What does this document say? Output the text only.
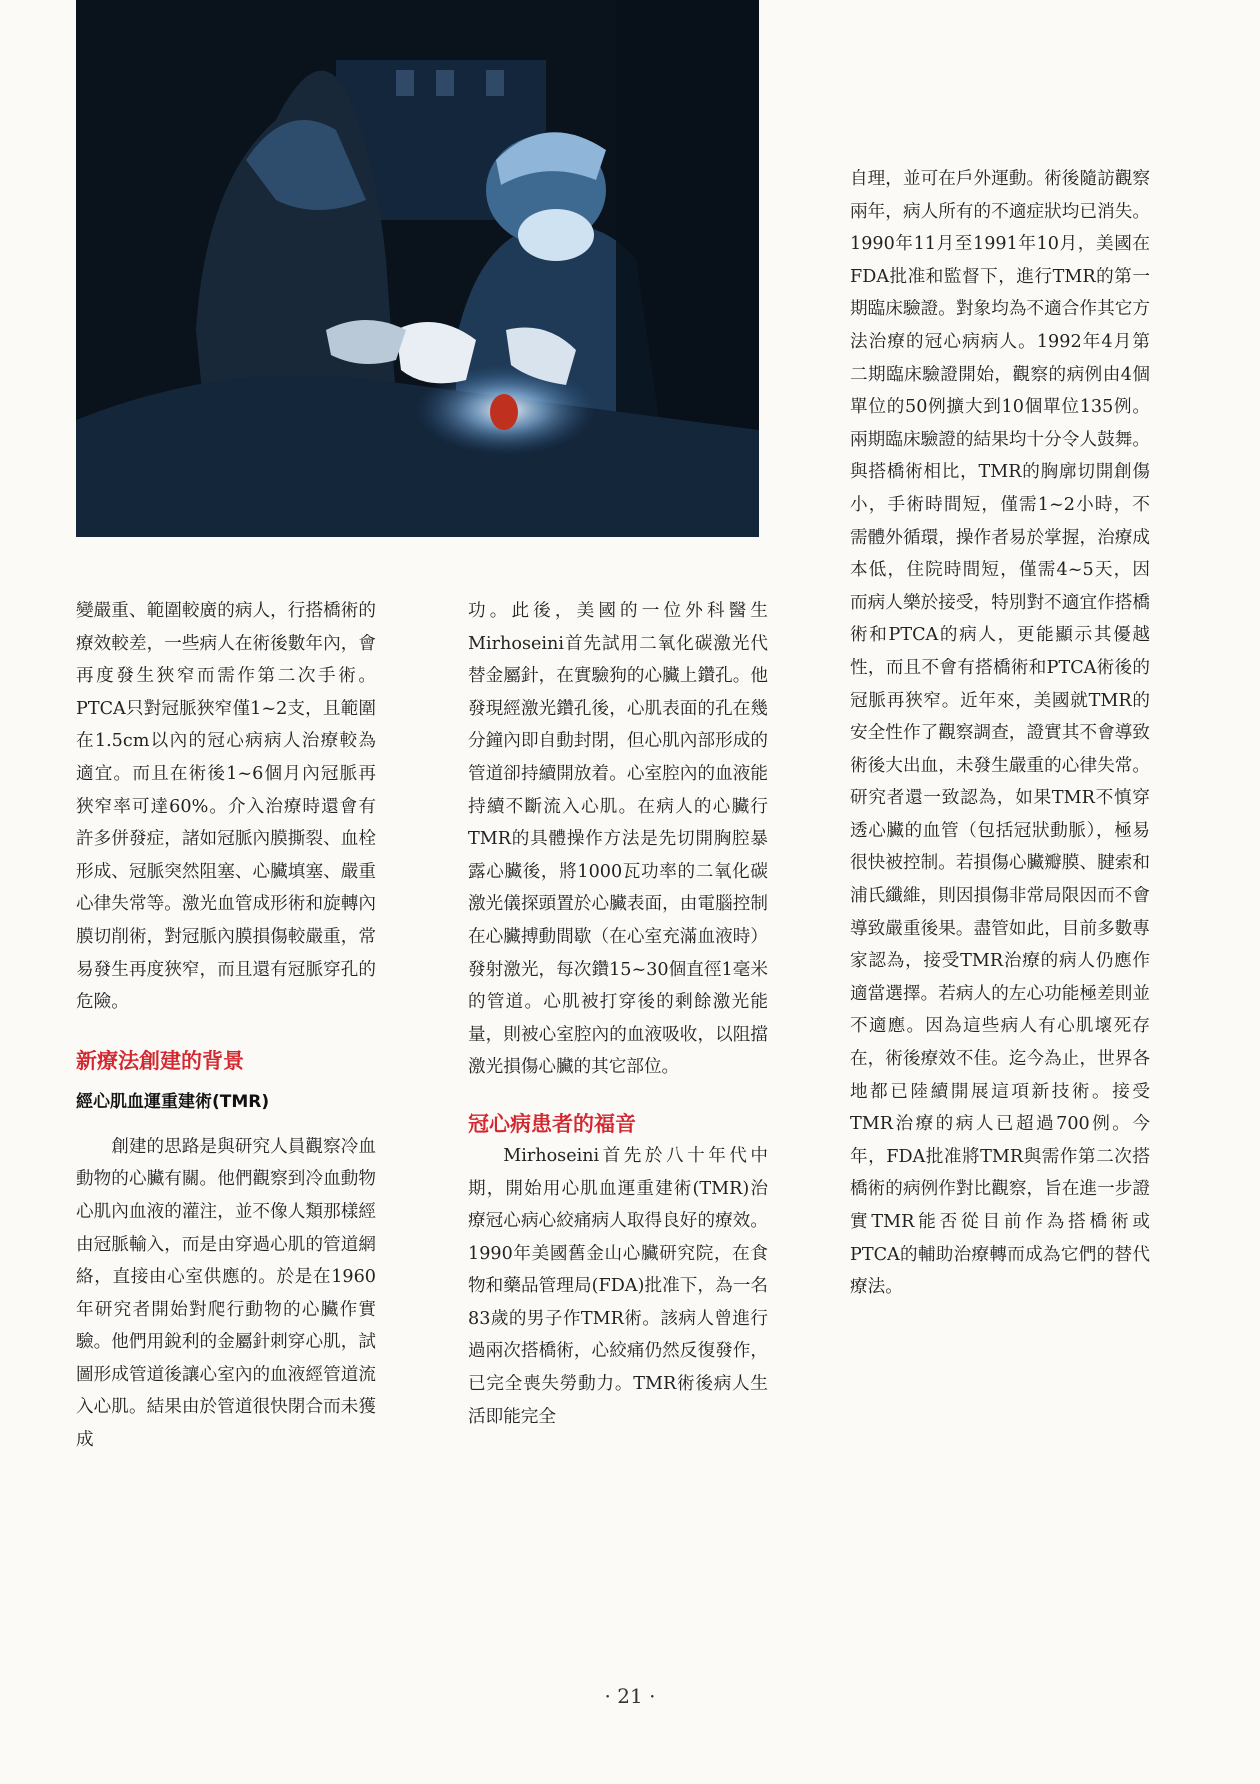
變嚴重、範圍較廣的病人，行搭橋術的療效較差，一些病人在術後數年內，會再度發生狹窄而需作第二次手術。PTCA只對冠脈狹窄僅1~2支，且範圍在1.5cm以內的冠心病病人治療較為適宜。而且在術後1~6個月內冠脈再狹窄率可達60%。介入治療時還會有許多併發症，諸如冠脈內膜撕裂、血栓形成、冠脈突然阻塞、心臟填塞、嚴重心律失常等。激光血管成形術和旋轉內膜切削術，對冠脈內膜損傷較嚴重，常易發生再度狹窄，而且還有冠脈穿孔的危險。

新療法創建的背景
經心肌血運重建術(TMR)

創建的思路是與研究人員觀察冷血動物的心臟有關。他們觀察到冷血動物心肌內血液的灌注，並不像人類那樣經由冠脈輸入，而是由穿過心肌的管道網絡，直接由心室供應的。於是在1960年研究者開始對爬行動物的心臟作實驗。他們用銳利的金屬針刺穿心肌，試圖形成管道後讓心室內的血液經管道流入心肌。結果由於管道很快閉合而未獲成

功。此後，美國的一位外科醫生Mirhoseini首先試用二氧化碳激光代替金屬針，在實驗狗的心臟上鑽孔。他發現經激光鑽孔後，心肌表面的孔在幾分鐘內即自動封閉，但心肌內部形成的管道卻持續開放着。心室腔內的血液能持續不斷流入心肌。在病人的心臟行TMR的具體操作方法是先切開胸腔暴露心臟後，將1000瓦功率的二氧化碳激光儀探頭置於心臟表面，由電腦控制在心臟搏動間歇（在心室充滿血液時）發射激光，每次鑽15~30個直徑1毫米的管道。心肌被打穿後的剩餘激光能量，則被心室腔內的血液吸收，以阻擋激光損傷心臟的其它部位。

冠心病患者的福音

Mirhoseini首先於八十年代中期，開始用心肌血運重建術(TMR)治療冠心病心絞痛病人取得良好的療效。1990年美國舊金山心臟研究院，在食物和藥品管理局(FDA)批准下，為一名83歲的男子作TMR術。該病人曾進行過兩次搭橋術，心絞痛仍然反復發作，已完全喪失勞動力。TMR術後病人生活即能完全

自理，並可在戶外運動。術後隨訪觀察兩年，病人所有的不適症狀均已消失。1990年11月至1991年10月，美國在FDA批准和監督下，進行TMR的第一期臨床驗證。對象均為不適合作其它方法治療的冠心病病人。1992年4月第二期臨床驗證開始，觀察的病例由4個單位的50例擴大到10個單位135例。兩期臨床驗證的結果均十分令人鼓舞。與搭橋術相比，TMR的胸廓切開創傷小，手術時間短，僅需1~2小時，不需體外循環，操作者易於掌握，治療成本低，住院時間短，僅需4~5天，因而病人樂於接受，特別對不適宜作搭橋術和PTCA的病人，更能顯示其優越性，而且不會有搭橋術和PTCA術後的冠脈再狹窄。近年來，美國就TMR的安全性作了觀察調查，證實其不會導致術後大出血，未發生嚴重的心律失常。研究者還一致認為，如果TMR不慎穿透心臟的血管（包括冠狀動脈），極易很快被控制。若損傷心臟瓣膜、腱索和浦氏纖維，則因損傷非常局限因而不會導致嚴重後果。盡管如此，目前多數專家認為，接受TMR治療的病人仍應作適當選擇。若病人的左心功能極差則並不適應。因為這些病人有心肌壞死存在，術後療效不佳。迄今為止，世界各地都已陸續開展這項新技術。接受TMR治療的病人已超過700例。今年，FDA批准將TMR與需作第二次搭橋術的病例作對比觀察，旨在進一步證實TMR能否從目前作為搭橋術或PTCA的輔助治療轉而成為它們的替代療法。

· 21 ·
